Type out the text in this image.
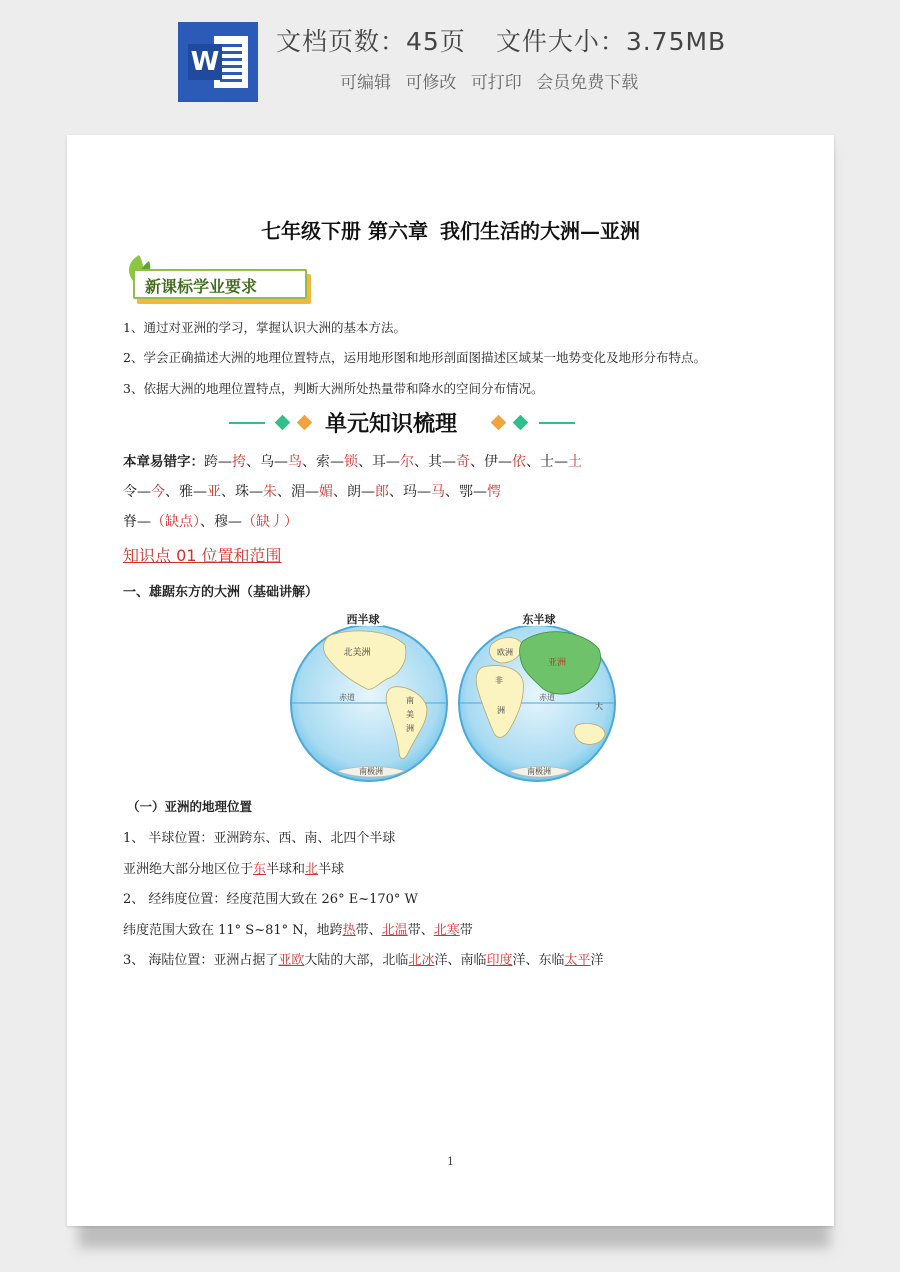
W
文档页数：45页 文件大小：3.75MB
可编辑 可修改 可打印 会员免费下载
七年级下册 第六章 我们生活的大洲—亚洲
新课标学业要求
1、通过对亚洲的学习，掌握认识大洲的基本方法。
2、学会正确描述大洲的地理位置特点，运用地形图和地形剖面图描述区域某一地势变化及地形分布特点。
3、依据大洲的地理位置特点，判断大洲所处热量带和降水的空间分布情况。
单元知识梳理
本章易错字：跨—挎、乌—鸟、索—锁、耳—尔、其—奇、伊—依、士—土
令—今、雅—亚、珠—朱、湄—媚、朗—郎、玛—马、鄂—愕
脊—（缺点）、穆—（缺丿）
知识点 01 位置和范围
一、雄踞东方的大洲（基础讲解）
西半球
北美洲
赤道	南
美
洲
南极洲
东半球
欧洲
亚洲
非
洲
赤道
大
南极洲
（一）亚洲的地理位置
1、 半球位置：亚洲跨东、西、南、北四个半球
亚洲绝大部分地区位于东半球和北半球
2、 经纬度位置：经度范围大致在 26° E~170° W
纬度范围大致在 11° S~81° N，地跨热带、北温带、北寒带
3、 海陆位置：亚洲占据了亚欧大陆的大部，北临北冰洋、南临印度洋、东临太平洋
1
